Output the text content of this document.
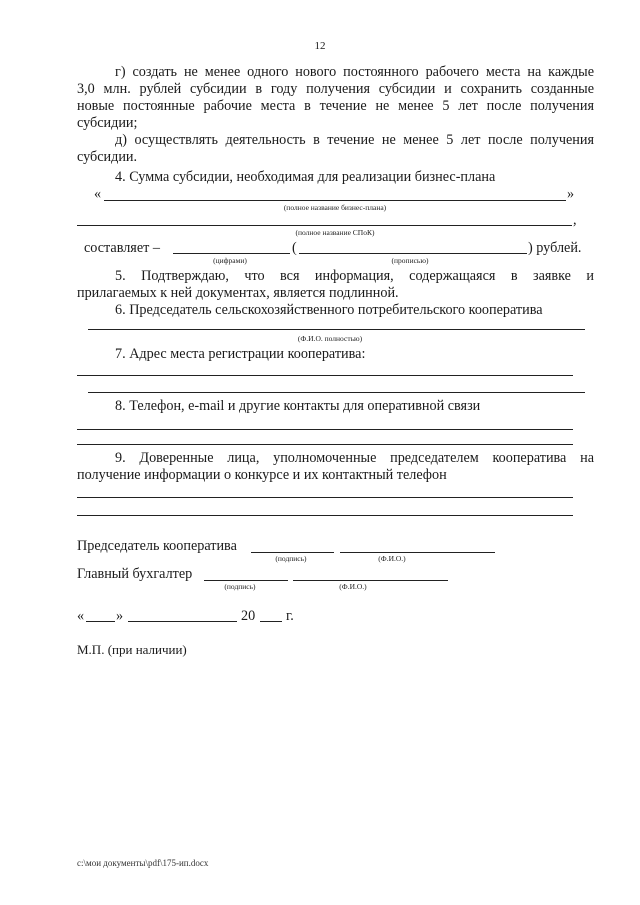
12
г) создать не менее одного нового постоянного рабочего места на каждые
3,0 млн. рублей субсидии в году получения субсидии и сохранить созданные
новые постоянные рабочие места в течение не менее 5 лет после получения
субсидии;
д) осуществлять деятельность в течение не менее 5 лет после получения
субсидии.
4. Сумма субсидии, необходимая для реализации бизнес-плана
«	»
(полное название бизнес-плана)
,
(полное название СПоК)
составляет –	(	) рублей.
(цифрами)	(прописью)
5. Подтверждаю, что вся информация, содержащаяся в заявке и
прилагаемых к ней документах, является подлинной.
6. Председатель сельскохозяйственного потребительского кооператива
(Ф.И.О. полностью)
7. Адрес места регистрации кооператива:
8. Телефон, e-mail и другие контакты для оперативной связи
9. Доверенные лица, уполномоченные председателем кооператива на
получение информации о конкурсе и их контактный телефон
Председатель кооператива
(подпись)	(Ф.И.О.)
Главный бухгалтер
(подпись)	(Ф.И.О.)
« »	20 г.
М.П. (при наличии)
c:\мои документы\pdf\175-ип.docx
